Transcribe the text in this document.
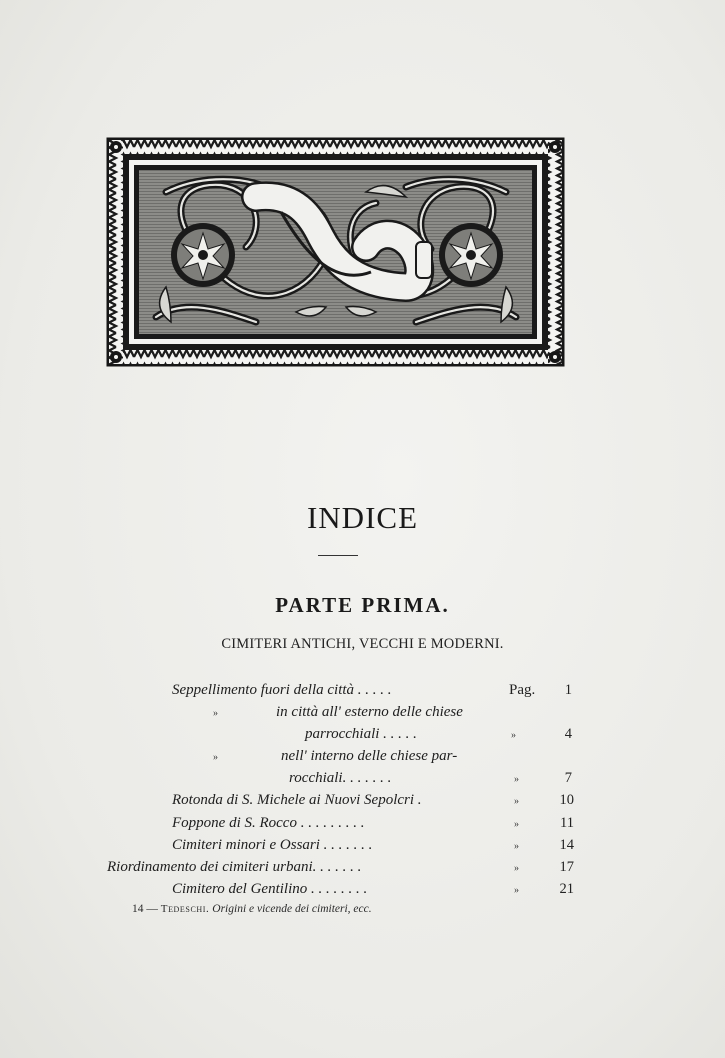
INDICE
PARTE PRIMA.
CIMITERI ANTICHI, VECCHI E MODERNI.
Seppellimento fuori della città . . . . .	Pag.	1
»	in città all' esterno delle chiese
parrocchiali . . . . .	»	4
»	nell' interno delle chiese par-
rocchiali. . . . . . .	»	7
Rotonda di S. Michele ai Nuovi Sepolcri .	»	10
Foppone di S. Rocco . . . . . . . . .	»	11
Cimiteri minori e Ossari . . . . . . .	»	14
Riordinamento dei cimiteri urbani. . . . . . .	»	17
Cimitero del Gentilino . . . . . . . .	»	21
14 — Tedeschi. Origini e vicende dei cimiteri, ecc.
